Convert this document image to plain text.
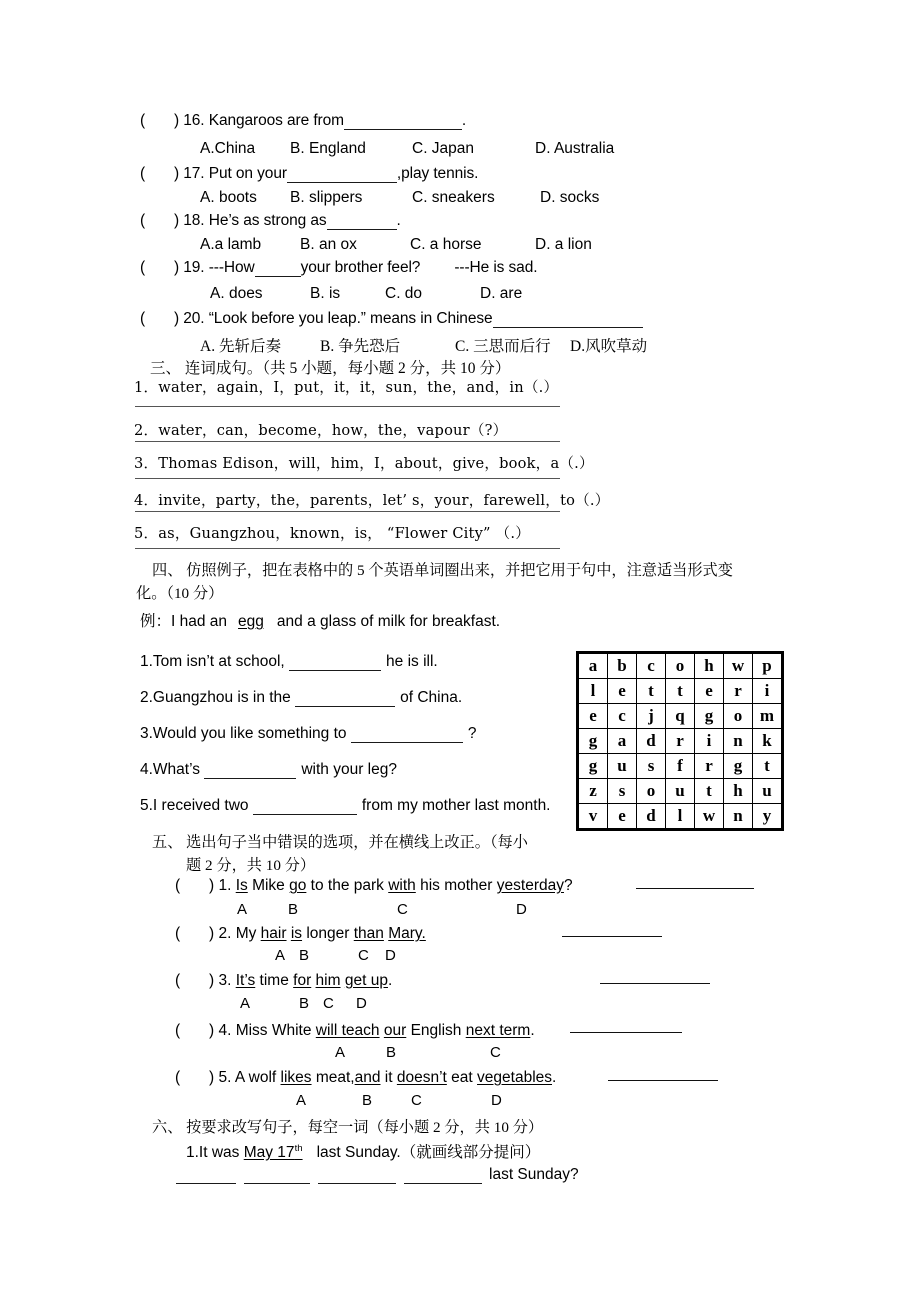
( ) 16. Kangaroos are from	.
A.China B. England	C. Japan	D. Australia
( ) 17. Put on your	,play tennis.
A. boots B. slippers	C. sneakers	D. socks
( ) 18. He’s as strong as	.
A.a lamb	B. an ox	C. a horse	D. a lion
( ) 19. ---How	your brother feel? ---He is sad.
A. does	B. is	C. do	D. are
( ) 20. “Look before you leap.” means in Chinese
A. 先斩后奏	B. 争先恐后	C. 三思而后行 D.风吹草动
三、 连词成句。（共 5 小题，每小题 2 分，共 10 分）
1．water，again，I，put，it，it，sun，the，and，in（.）
2．water，can，become，how，the，vapour（?）
3．Thomas Edison，will，him，I，about，give，book，a（.）
4．invite，party，the，parents，let’ s，your，farewell，to（.）
5．as，Guangzhou，known，is， “Flower City” （.）
四、 仿照例子，把在表格中的 5 个英语单词圈出来，并把它用于句中，注意适当形式变
化。（10 分）
例：I had an egg and a glass of milk for breakfast.
1.Tom isn’t at school,	he is ill.
2.Guangzhou is in the	of China.
3.Would you like something to	?
4.What’s	with your leg?
5.I received two	from my mother last month.
a	b	c	o	h	w	p
l	e	t	t	e	r	i
e	c	j	q	g	o	m
g	a	d	r	i	n	k
g	u	s	f	r	g	t
z	s	o	u	t	h	u
v	e	d	l	w	n	y
五、 选出句子当中错误的选项，并在横线上改正。（每小
题 2 分，共 10 分）
( ) 1. Is Mike go to the park with his mother yesterday?
A	B	C	D
( ) 2. My hair is longer than Mary.
A B	C D
( ) 3. It’s time for him get up.
A	B C D
( ) 4. Miss White will teach our English next term.
A	B	C
( ) 5. A wolf likes meat,and it doesn’t eat vegetables.
A	B	C	D
六、 按要求改写句子，每空一词（每小题 2 分，共 10 分）
1.It was May 17th last Sunday.（就画线部分提问）
last Sunday?
